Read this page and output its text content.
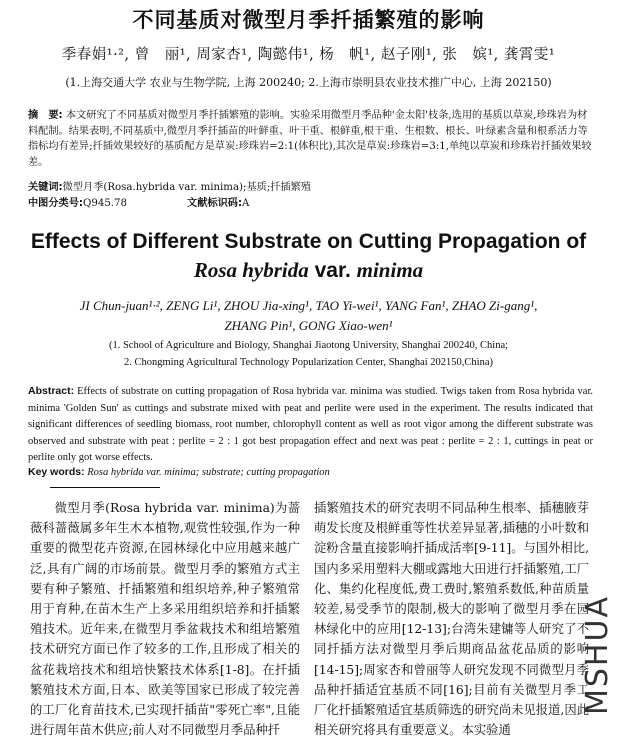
不同基质对微型月季扦插繁殖的影响
季春娟¹·², 曾　丽¹, 周家杏¹, 陶懿伟¹, 杨　帆¹, 赵子刚¹, 张　嫔¹, 龚霄雯¹
(1.上海交通大学 农业与生物学院, 上海 200240; 2.上海市崇明县农业技术推广中心, 上海 202150)
摘　要: 本文研究了不同基质对微型月季扦插繁殖的影响。实验采用微型月季品种'金太阳'枝条,选用的基质以草炭,珍珠岩为材料配制。结果表明,不同基质中,微型月季扦插苗的叶鲜重、叶干重、根鲜重,根干重、生根数、根长、叶绿素含量和根系活力等指标均有差异;扦插效果较好的基质配方是草炭:珍珠岩=2:1(体积比),其次是草炭:珍珠岩=3:1,单纯以草炭和珍珠岩扦插效果较差。
关键词:微型月季(Rosa.hybrida var. minima);基质;扦插繁殖
中图分类号:Q945.78	文献标识码:A
Effects of Different Substrate on Cutting Propagation of
Rosa hybrida var. minima
JI Chun-juan¹·², ZENG Li¹, ZHOU Jia-xing¹, TAO Yi-wei¹, YANG Fan¹, ZHAO Zi-gang¹,
ZHANG Pin¹, GONG Xiao-wen¹
(1. School of Agriculture and Biology, Shanghai Jiaotong University, Shanghai 200240, China;
2. Chongming Agricultural Technology Popularization Center, Shanghai 202150,China)
Abstract: Effects of substrate on cutting propagation of Rosa hybrida var. minima was studied. Twigs taken from Rosa hybrida var. minima 'Golden Sun' as cuttings and substrate mixed with peat and perlite were used in the experiment. The results indicated that significant differences of seedling biomass, root number, chlorophyll content as well as root vigor among the different substrate was observed and substrate with peat : perlite = 2 : 1 got best propagation effect and next was peat : perlite = 2 : 1, cuttings in peat or perlite only got worse effects.
Key words: Rosa hybrida var. minima; substrate; cutting propagation
微型月季(Rosa hybrida var. minima)为蔷薇科蔷薇属多年生木本植物,观赏性较强,作为一种重要的微型花卉资源,在园林绿化中应用越来越广泛,具有广阔的市场前景。微型月季的繁殖方式主要有种子繁殖、扦插繁殖和组织培养,种子繁殖常用于育种,在苗木生产上多采用组织培养和扦插繁殖技术。近年来,在微型月季盆栽技术和组培繁殖技术研究方面已作了较多的工作,且形成了相关的盆花栽培技术和组培快繁技术体系[1-8]。在扦插繁殖技术方面,日本、欧美等国家已形成了较完善的工厂化育苗技术,已实现扦插苗"零死亡率",且能进行周年苗木供应;前人对不同微型月季品种扦
插繁殖技术的研究表明不同品种生根率、插穗腋芽萌发长度及根鲜重等性状差异显著,插穗的小叶数和淀粉含量直接影响扦插成活率[9-11]。与国外相比,国内多采用塑料大棚或露地大田进行扦插繁殖,工厂化、集约化程度低,费工费时,繁殖系数低,种苗质量较差,易受季节的限制,极大的影响了微型月季在园林绿化中的应用[12-13];台湾朱建镛等人研究了不同扦插方法对微型月季后期商品盆花品质的影响[14-15];周家杏和曾丽等人研究发现不同微型月季品种扦插适宜基质不同[16];目前有关微型月季工厂化扦插繁殖适宜基质筛选的研究尚未见报道,因此相关研究将具有重要意义。本实验通
MSHUA
